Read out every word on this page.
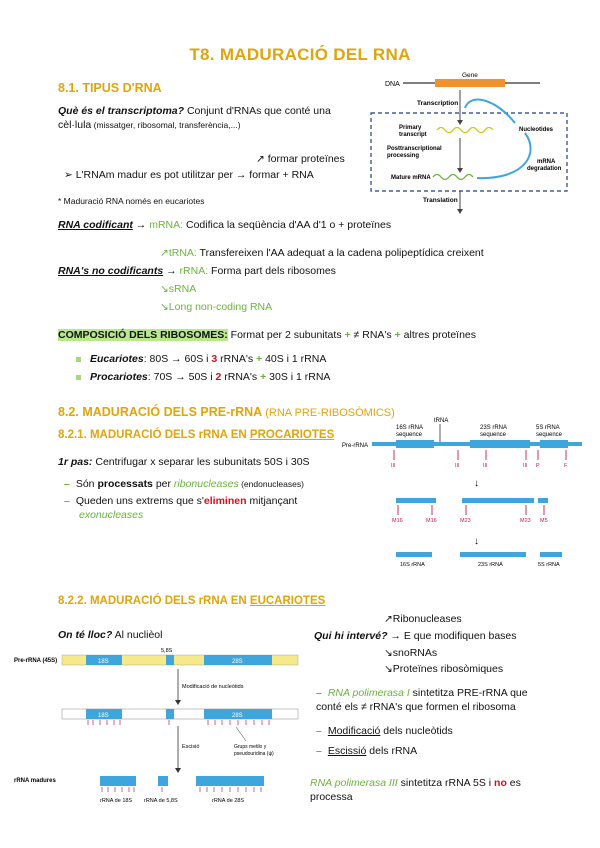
T8. MADURACIÓ DEL RNA
8.1. TIPUS D'RNA
Què és el transcriptoma? Conjunt d'RNAs que conté una
cèl·lula (missatger, ribosomal, transferència,...)
↗ formar proteïnes
➢ L'RNAm madur es pot utilitzar per → formar + RNA
* Maduració RNA només en eucariotes
RNA codificant → mRNA: Codifica la seqüència d'AA d'1 o + proteïnes
↗tRNA: Transfereixen l'AA adequat a la cadena polipeptídica creixent
RNA's no codificants → rRNA: Forma part dels ribosomes
↘sRNA
↘Long non-coding RNA
COMPOSICIÓ DELS RIBOSOMES: Format per 2 subunitats + ≠ RNA's + altres proteïnes
Eucariotes: 80S → 60S i 3 rRNA's + 40S i 1 rRNA
Procariotes: 70S → 50S i 2 rRNA's + 30S i 1 rRNA
DNA
Gene
Transcription
Primary
transcript
Posttranscriptional
processing
Mature mRNA
Nucleotides
mRNA
degradation
Translation
8.2. MADURACIÓ DELS PRE-rRNA (RNA PRE-RIBOSÒMICS)
8.2.1. MADURACIÓ DELS rRNA EN PROCARIOTES
1r pas: Centrifugar x separar les subunitats 50S i 30S
– Són processats per ribonucleases (endonucleases)
– Queden uns extrems que s'eliminen mitjançant
exonucleases
tRNA
16S rRNA
sequence
23S rRNA
sequence
5S rRNA
sequence
Pre-rRNA
III	III	III	III P	F
↓
M16	M16	M23	M23 M5
↓
16S rRNA	23S rRNA	5S rRNA
8.2.2. MADURACIÓ DELS rRNA EN EUCARIOTES
On té lloc? Al nuclièol
↗Ribonucleases
Qui hi intervé? → E que modifiquen bases
↘snoRNAs
↘Proteïnes ribosòmiques
– RNA polimerasa I sintetitza PRE-rRNA que
conté els ≠ rRNA's que formen el ribosoma
– Modificació dels nucleòtids
– Escissió dels rRNA
RNA polimerasa III sintetitza rRNA 5S i no es
processa
Pre-rRNA (45S)	18S
5,8S
28S
Modificació de nucleòtids
18S	28S
Escisió	Grups metilo y
pseudouridina (ψ)
rRNA madures
rRNA de 18S rRNA de 5,8S	rRNA de 28S
